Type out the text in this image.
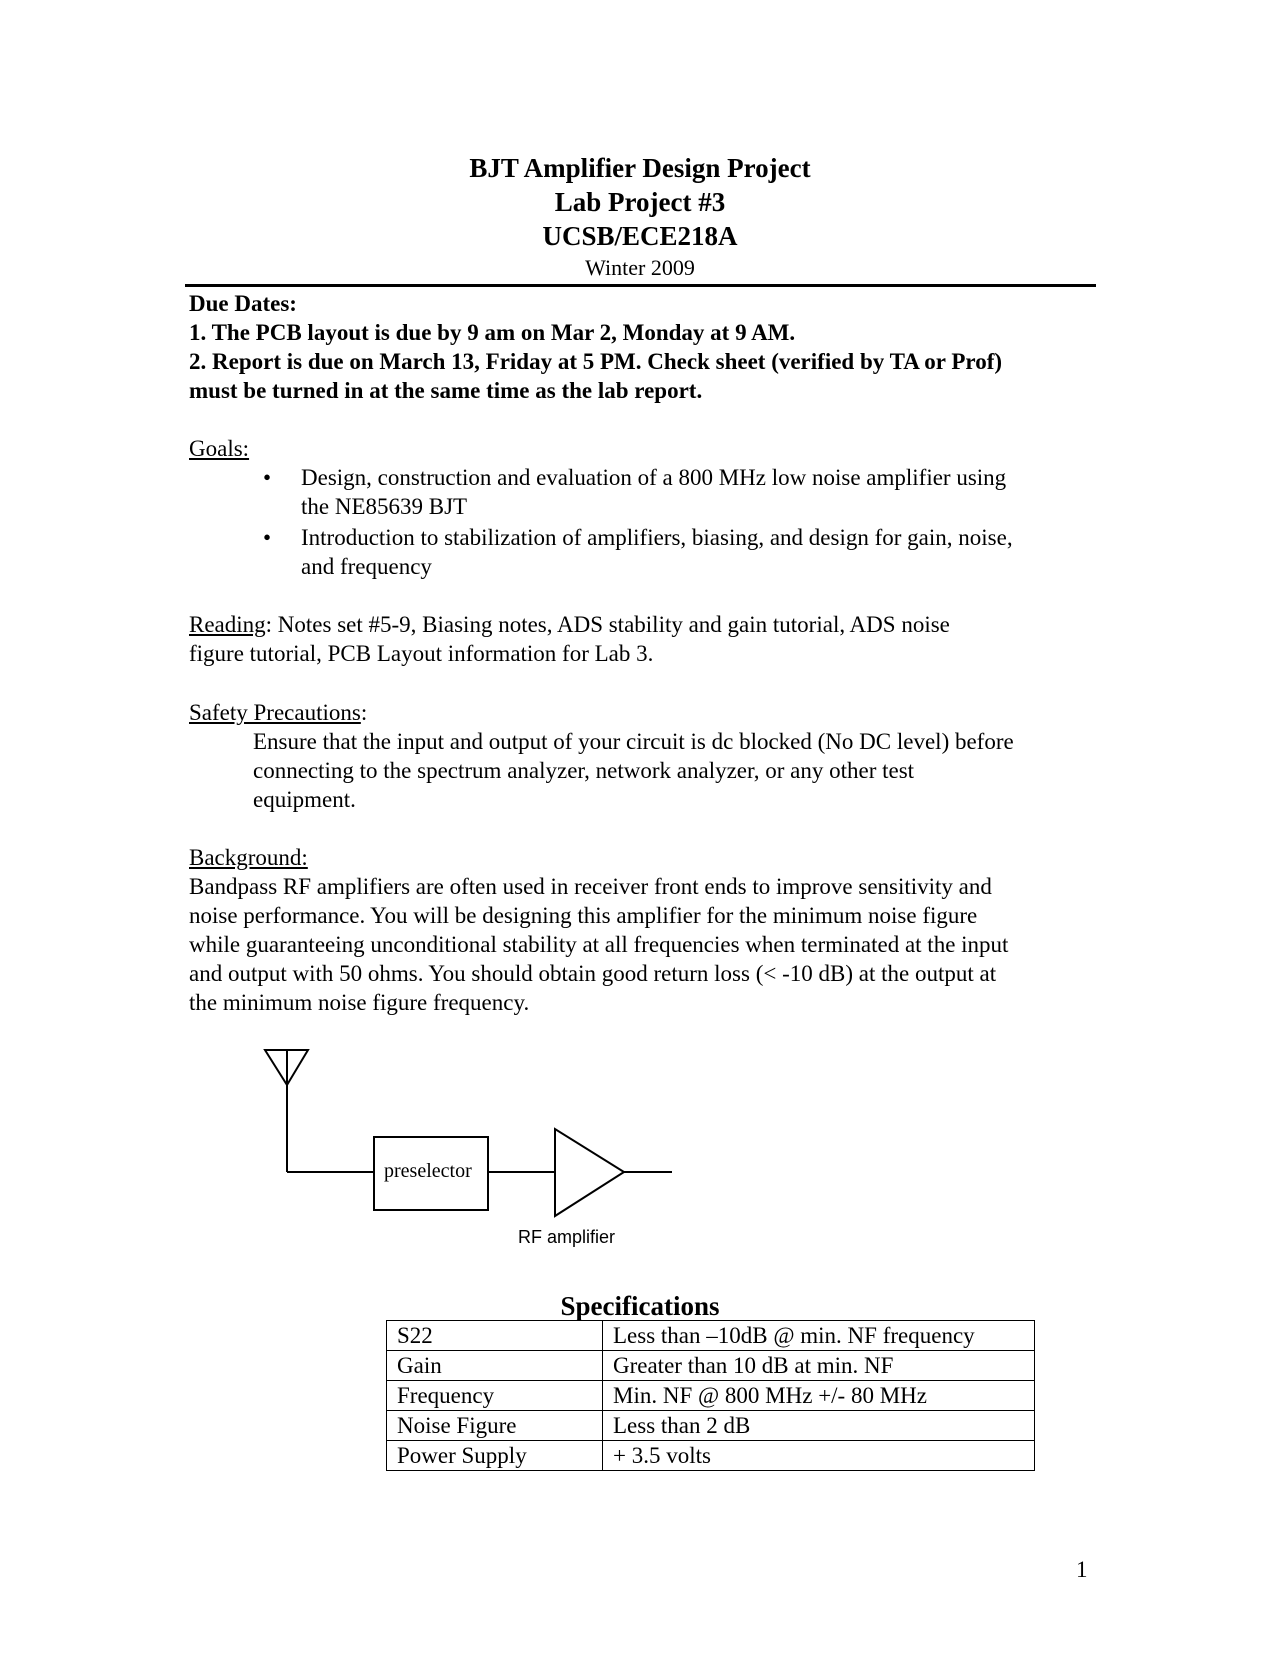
BJT Amplifier Design Project
Lab Project #3
UCSB/ECE218A
Winter 2009
Due Dates:
1. The PCB layout is due by 9 am on Mar 2, Monday at 9 AM.
2. Report is due on March 13, Friday at 5 PM. Check sheet (verified by TA or Prof)
must be turned in at the same time as the lab report.
Goals:
• Design, construction and evaluation of a 800 MHz low noise amplifier using
the NE85639 BJT
• Introduction to stabilization of amplifiers, biasing, and design for gain, noise,
and frequency
Reading: Notes set #5-9, Biasing notes, ADS stability and gain tutorial, ADS noise
figure tutorial, PCB Layout information for Lab 3.
Safety Precautions:
Ensure that the input and output of your circuit is dc blocked (No DC level) before
connecting to the spectrum analyzer, network analyzer, or any other test
equipment.
Background:
Bandpass RF amplifiers are often used in receiver front ends to improve sensitivity and
noise performance. You will be designing this amplifier for the minimum noise figure
while guaranteeing unconditional stability at all frequencies when terminated at the input
and output with 50 ohms. You should obtain good return loss (< -10 dB) at the output at
the minimum noise figure frequency.
preselector
RF amplifier
Specifications
S22	Less than –10dB @ min. NF frequency
Gain	Greater than 10 dB at min. NF
Frequency	Min. NF @ 800 MHz +/- 80 MHz
Noise Figure	Less than 2 dB
Power Supply	+ 3.5 volts
1
